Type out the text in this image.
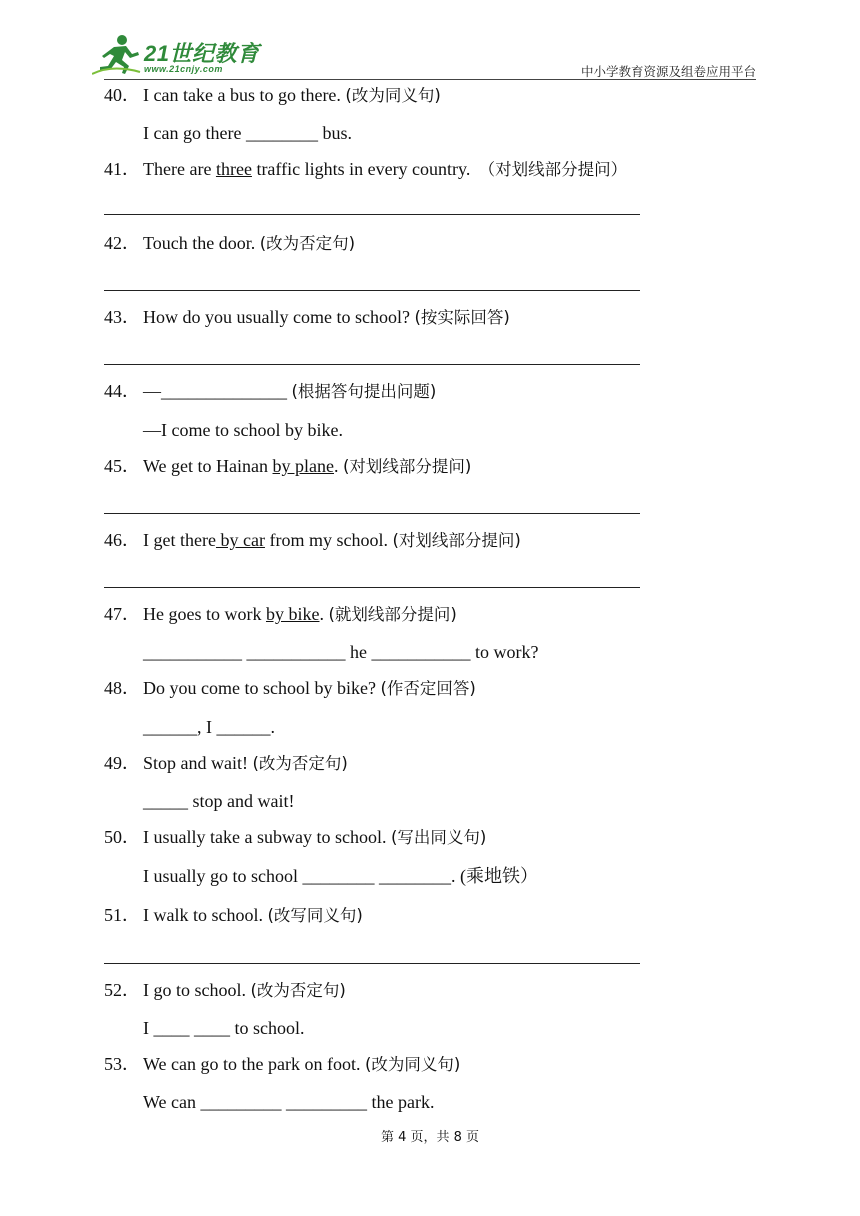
21世纪教育
www.21cnjy.com	中小学教育资源及组卷应用平台
40． I can take a bus to go there. (改为同义句)
I can go there ________ bus.
41． There are three traffic lights in every country.　（对划线部分提问）
42． Touch the door. (改为否定句)
43． How do you usually come to school? (按实际回答)
44． —______________ (根据答句提出问题)
—I come to school by bike.
45． We get to Hainan by plane. (对划线部分提问)
46． I get there by car from my school. (对划线部分提问)
47． He goes to work by bike. (就划线部分提问)
___________ ___________ he ___________ to work?
48． Do you come to school by bike? (作否定回答)
______, I ______.
49． Stop and wait! (改为否定句)
_____ stop and wait!
50． I usually take a subway to school. (写出同义句)
I usually go to school ________ ________. (乘地铁）
51． I walk to school. (改写同义句)
52． I go to school. (改为否定句)
I ____ ____ to school.
53． We can go to the park on foot. (改为同义句)
We can _________ _________ the park.
第 4 页，共 8 页
